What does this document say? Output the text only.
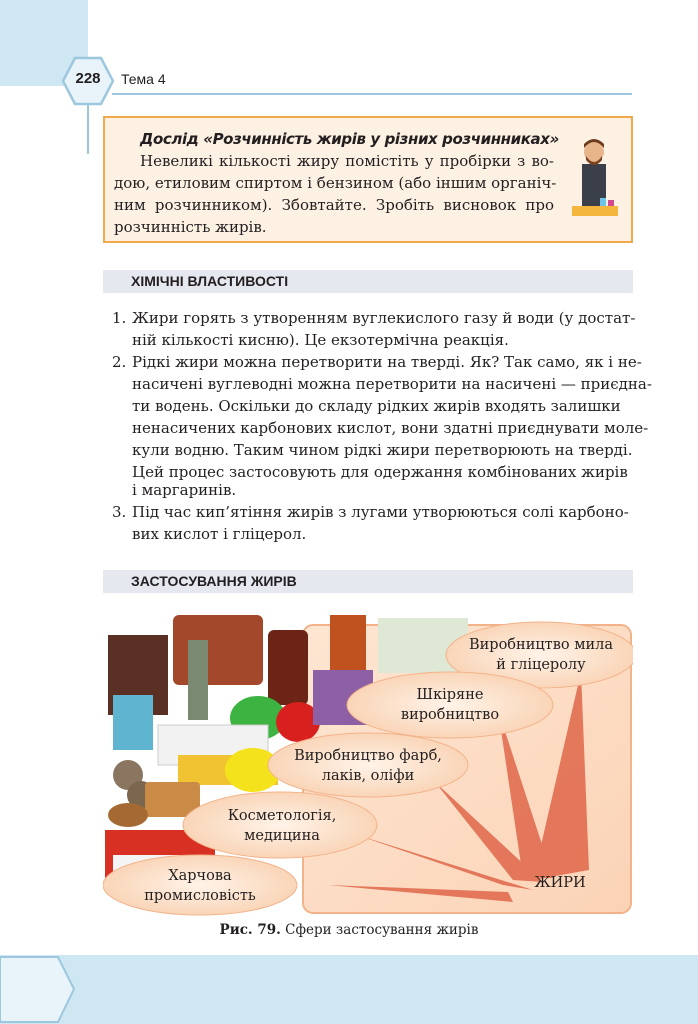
228	Тема 4
Дослід «Розчинність жирів у різних розчинниках»
Невеликі кількості жиру помістіть у пробірки з во-
дою, етиловим спиртом і бензином (або іншим органіч-
ним розчинником). Збовтайте. Зробіть висновок про
розчинність жирів.
ХІМІЧНІ ВЛАСТИВОСТІ
1. Жири горять з утворенням вуглекислого газу й води (у достат-
ній кількості кисню). Це екзотермічна реакція.
2. Рідкі жири можна перетворити на тверді. Як? Так само, як і не-
насичені вуглеводні можна перетворити на насичені — приєдна-
ти водень. Оскільки до складу рідких жирів входять залишки
ненасичених карбонових кислот, вони здатні приєднувати моле-
кули водню. Таким чином рідкі жири перетворюють на тверді.
Цей процес застосовують для одержання комбінованих жирів
і маргаринів.
3. Під час кип’ятіння жирів з лугами утворюються солі карбоно-
вих кислот і гліцерол.
ЗАСТОСУВАННЯ ЖИРІВ
Виробництво мила
й гліцеролу
Шкіряне
виробництво
Виробництво фарб,
лаків, оліфи
Косметологія,
медицина
Харчова
промисловість
ЖИРИ
Рис. 79. Сфери застосування жирів
